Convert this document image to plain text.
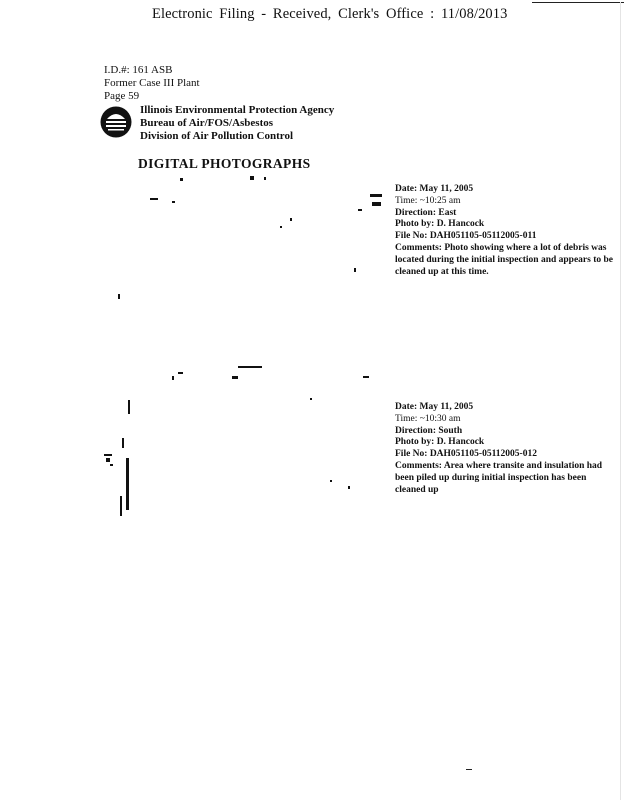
Electronic Filing - Received, Clerk's Office : 11/08/2013
I.D.#: 161 ASB
Former Case III Plant
Page 59
Illinois Environmental Protection Agency
Bureau of Air/FOS/Asbestos
Division of Air Pollution Control
DIGITAL PHOTOGRAPHS
Date: May 11, 2005
Time: ~10:25 am
Direction: East
Photo by: D. Hancock
File No: DAH051105-05112005-011
Comments: Photo showing where a lot of debris was located during the initial inspection and appears to be cleaned up at this time.
Date: May 11, 2005
Time: ~10:30 am
Direction: South
Photo by: D. Hancock
File No: DAH051105-05112005-012
Comments: Area where transite and insulation had been piled up during initial inspection has been cleaned up
